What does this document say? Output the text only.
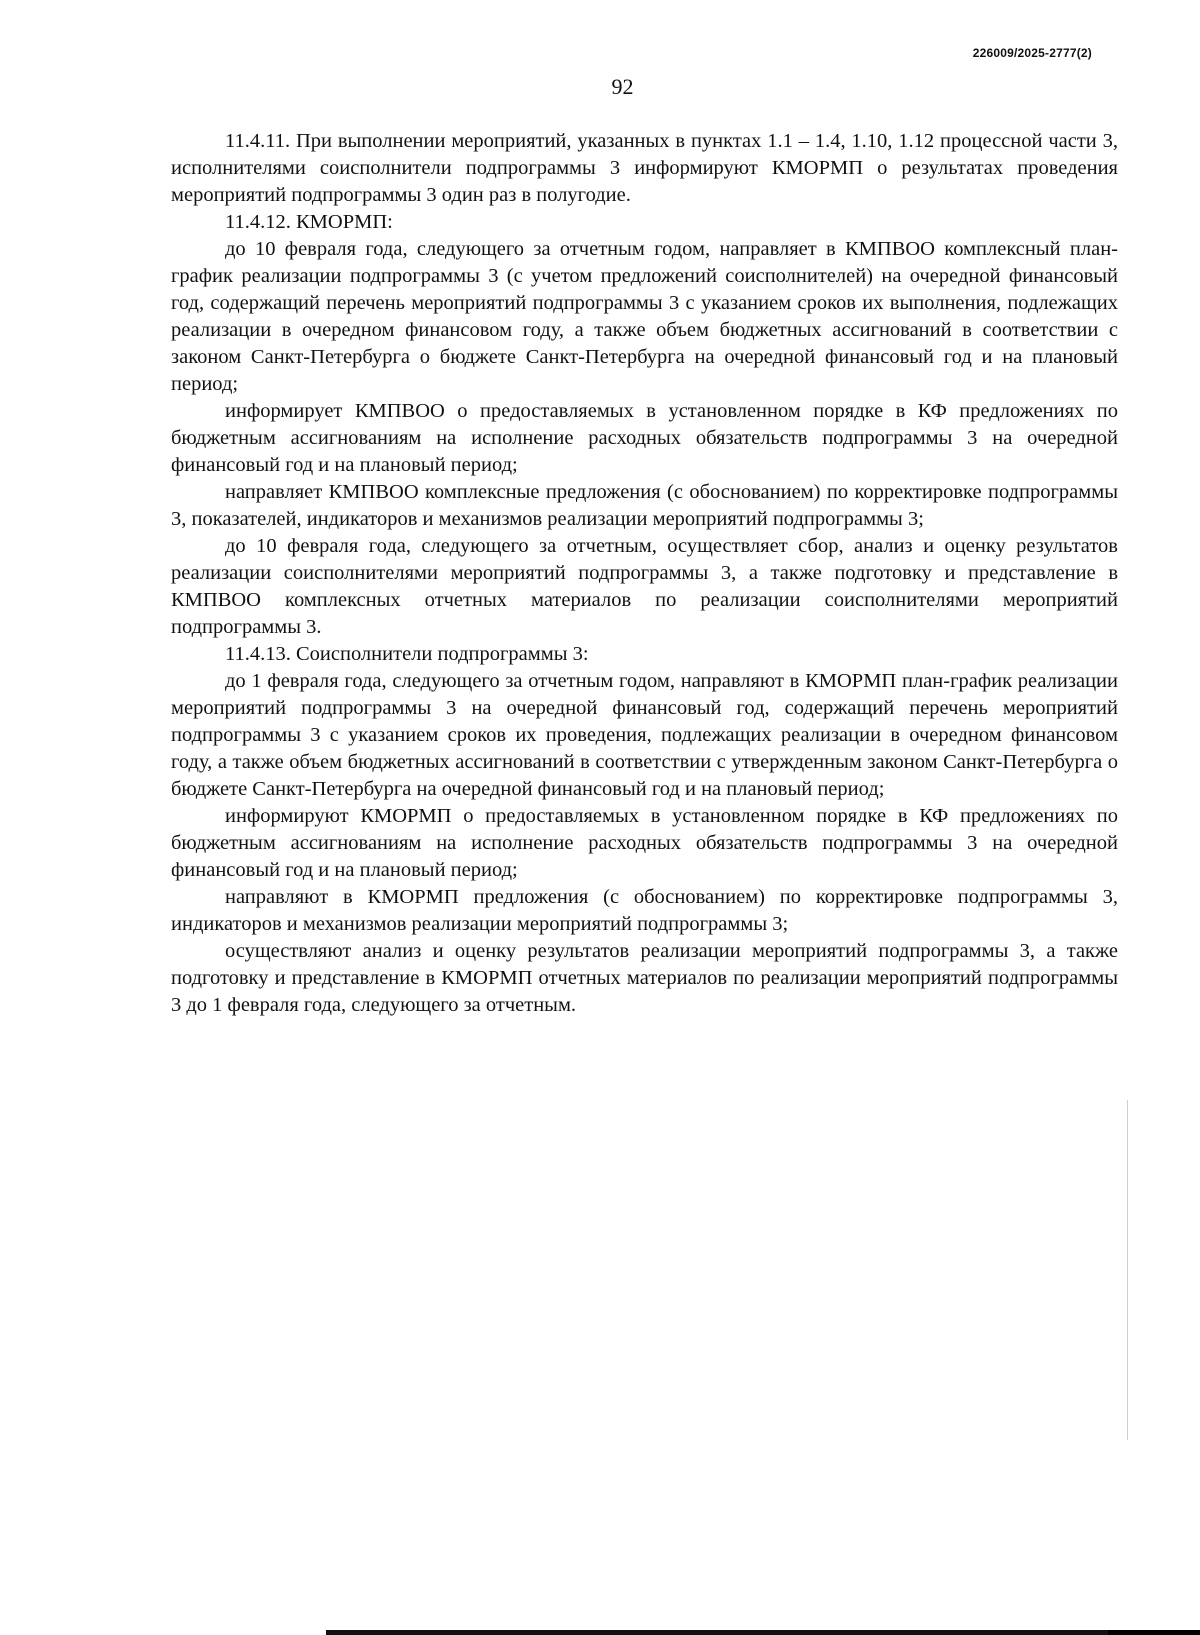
226009/2025-2777(2)
92

11.4.11. При выполнении мероприятий, указанных в пунктах 1.1 – 1.4, 1.10, 1.12 процессной части 3, исполнителями соисполнители подпрограммы 3 информируют КМОРМП о результатах проведения мероприятий подпрограммы 3 один раз в полугодие.

11.4.12. КМОРМП:

до 10 февраля года, следующего за отчетным годом, направляет в КМПВОО комплексный план-график реализации подпрограммы 3 (с учетом предложений соисполнителей) на очередной финансовый год, содержащий перечень мероприятий подпрограммы 3 с указанием сроков их выполнения, подлежащих реализации в очередном финансовом году, а также объем бюджетных ассигнований в соответствии с законом Санкт-Петербурга о бюджете Санкт-Петербурга на очередной финансовый год и на плановый период;

информирует КМПВОО о предоставляемых в установленном порядке в КФ предложениях по бюджетным ассигнованиям на исполнение расходных обязательств подпрограммы 3 на очередной финансовый год и на плановый период;

направляет КМПВОО комплексные предложения (с обоснованием) по корректировке подпрограммы 3, показателей, индикаторов и механизмов реализации мероприятий подпрограммы 3;

до 10 февраля года, следующего за отчетным, осуществляет сбор, анализ и оценку результатов реализации соисполнителями мероприятий подпрограммы 3, а также подготовку и представление в КМПВОО комплексных отчетных материалов по реализации соисполнителями мероприятий подпрограммы 3.

11.4.13. Соисполнители подпрограммы 3:

до 1 февраля года, следующего за отчетным годом, направляют в КМОРМП план-график реализации мероприятий подпрограммы 3 на очередной финансовый год, содержащий перечень мероприятий подпрограммы 3 с указанием сроков их проведения, подлежащих реализации в очередном финансовом году, а также объем бюджетных ассигнований в соответствии с утвержденным законом Санкт-Петербурга о бюджете Санкт-Петербурга на очередной финансовый год и на плановый период;

информируют КМОРМП о предоставляемых в установленном порядке в КФ предложениях по бюджетным ассигнованиям на исполнение расходных обязательств подпрограммы 3 на очередной финансовый год и на плановый период;

направляют в КМОРМП предложения (с обоснованием) по корректировке подпрограммы 3, индикаторов и механизмов реализации мероприятий подпрограммы 3;

осуществляют анализ и оценку результатов реализации мероприятий подпрограммы 3, а также подготовку и представление в КМОРМП отчетных материалов по реализации мероприятий подпрограммы 3 до 1 февраля года, следующего за отчетным.
